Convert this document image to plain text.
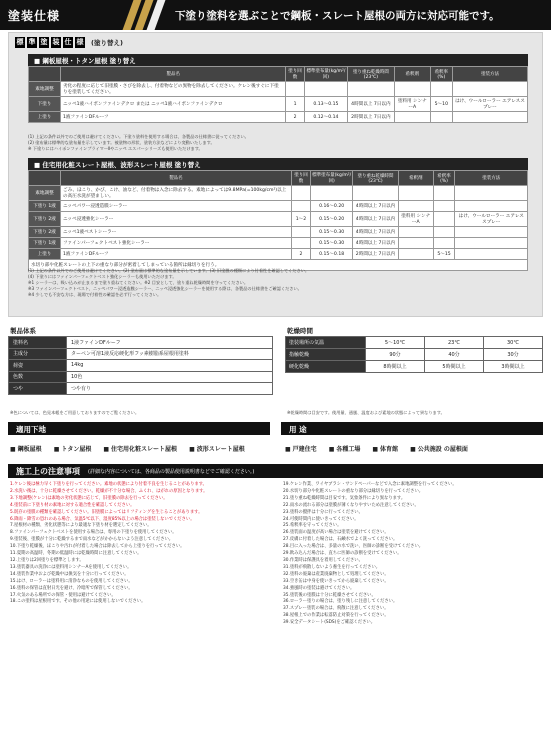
塗装仕様	下塗り塗料を選ぶことで鋼板・スレート屋根の両方に対応可能です。
標 準 塗 装 仕 様 (塗り替え)
■ 鋼板屋根・トタン屋根 塗り替え
	製品名	塗り回数	標準塗布量(kg/m²/回)	塗り重ね乾燥時間(23℃)	希釈剤	希釈率(%)	塗装方法
素地調整	劣化の程度に応じて旧塗膜・さびを除去し、付着物などの異物を除去してください。ケレン後すぐに下塗りを塗装してください。						
下塗り	ニッペ1液ハイポンファインデクロ または ニッペ1液ハイポンファインデクロ	1	0.13〜0.15	4時間以上 7日以内	塗料用 シンナーA	5〜10	はけ、ウールローラー エアレススプレー
上塗り	1液ファインDFルーフ	2	0.12〜0.14	2時間以上 7日以内			
(1) 上記の条件以外でのご使用は避けてください。下塗り塗料を使用する場合は、各製品の仕様書に従ってください。
(2) 塗布量は標準的な塗布量を示しています。被塗物の形状、塗装方法などにより変動いたします。
※ 下塗りにはハイポンファインプライマーⅡやニッペ エスパーシリーズも使用いただけます。
■ 住宅用化粧スレート屋根、波形スレート屋根 塗り替え
	製品名	塗り回数	標準塗布量(kg/m²/回)	塗り重ね乾燥時間(23℃)	希釈剤	希釈率(%)	塗装方法
素地調整	ごみ、ほこり、かび、こけ、油など、付着物は入念に除去する。素地によっては9.8MPa(=100kg/cm²)以上の高圧水洗が望ましい。						
下塗り 1液	ニッペパワー浸透造膜シーラー		0.16〜0.20	4時間以上 7日以内			
下塗り 2液	ニッペ浸透強化シーラー	1〜2	0.15〜0.20	4時間以上 7日以内	塗料用 シンナーA		はけ、ウールローラー エアレススプレー
下塗り 2液	ニッペ1液ベストシーラー		0.15〜0.30	4時間以上 7日以内			
下塗り 1液	ファインパーフェクトベスト強化シーラー		0.15〜0.30	4時間以上 7日以内			
上塗り	1液ファインDFルーフ	2	0.15〜0.18	2時間以上 7日以内		5〜15	
水切り部や化粧スレートの上下の重なり部分が密着してしまっている箇所は縁切りを行う。							
(1) 上記の条件以外でのご使用は避けてください。(2) 塗布量は標準的な塗布量を示しています。(3) 旧塗膜の種類により付着性を確認してください。
(4) 下塗りにはファインパーフェクトベスト強化シーラーも使用いただけます。
※1 シーラーは、吸い込みが止まるまで塗り重ねてください。※2 目安として、塗り重ね乾燥時間を守ってください。
※3 ファインパーフェクトベスト、ニッペパワー浸透造膜シーラー、ニッペ浸透強化シーラーを使用する際は、各製品の仕様書をご確認ください。
※4 少しでも不安な方は、現場で付着性の確認を必ず行ってください。
製品体系
塗料名	1液ファインDFルーフ
主成分	ターペン可溶1液反応硬化形フッ素樹脂系屋根用塗料
荷姿	14kg
色数	10色
つや	つや有り
※色については、色見本帳をご用意しておりますのでご覧ください。
乾燥時間
塗装場所の気温	5〜10℃	23℃	30℃
指触乾燥	90分	40分	30分
硬化乾燥	8時間以上	5時間以上	3時間以上
※乾燥時間は目安です。使用量、通風、温度および素地の状態によって異なります。
適用下地
■ 鋼板屋根	■ トタン屋根	■ 住宅用化粧スレート屋根	■ 波形スレート屋根
用 途
■ 戸建住宅	■ 各種工場	■ 体育館	■ 公共施設 の屋根面
施工上の注意事項 (詳細な内容については、各商品の製品使用説明書などでご確認ください。)

1.ケレン後は極力早く下塗りを行ってください。素地の状態により付着不良を生じることがあります。

2.水洗い後は、十分に乾燥させてください。乾燥が不十分な場合、ふくれ、はがれの原因となります。

3.下地調整(ケレン)は素地の劣化状態に応じて、旧塗膜の除去を行ってください。

4.塗装前に下塗り材の素地に対する適合性を確認してください。

5.既存の塗膜の種類を確認してください。旧塗膜によってはリフティングを生じることがあります。

6.降雨・降雪の恐れのある場合、気温5℃以下、湿度85%以上の場合は塗装しないでください。

7.屋根材の種類、劣化状態等により最適な下塗り材を選定してください。

8.ファインパーフェクトベストを使用する場合は、専用の下塗りを使用してください。

9.塗装後、塗膜が十分に乾燥するまで雨水などがかからないよう注意してください。

10.下塗り乾燥後、ほこりや汚れが付着した場合は除去してから上塗りを行ってください。

11.夏期の高温時、冬期の低温時には乾燥時間に注意してください。

12.上塗りは2回塗りを標準とします。

13.塗装器具の洗浄には塗料用シンナーAを使用してください。

14.塗装作業中および乾燥中は換気を十分に行ってください。

15.はけ、ローラーは塗料用に清浄なものを使用してください。

16.塗料の保管は直射日光を避け、冷暗所で保管してください。

17.火気のある場所での保管・使用は避けてください。

18.この塗料は屋根用です。その他の用途には使用しないでください。

19.ケレン作業、ワイヤブラシ・サンドペーパーなどで入念に素地調整を行ってください。

20.水切り部分や化粧スレートの重なり部分は縁切りを行ってください。

21.塗り重ね乾燥時間は目安です。気象条件により異なります。

22.雨水の流れる部分は塗膜が薄くなりやすいため注意してください。

23.塗料の攪拌は十分に行ってください。

24.可使時間内に使いきってください。

25.希釈率を守ってください。

26.塗装面の温度が高い場合は塗装を避けてください。

27.皮膚に付着した場合は、石鹸水でよく洗ってください。

28.目に入った場合は、多量の水で洗い、医師の診断を受けてください。

29.飲み込んだ場合は、直ちに医師の診断を受けてください。

30.作業時は保護具を着用してください。

31.塗料が飛散しないよう養生を行ってください。

32.塗料の廃棄は産業廃棄物として処理してください。

33.空き缶は中身を使いきってから廃棄してください。

34.強風時の塗装は避けてください。

35.塗装後の塗膜は十分に乾燥させてください。

36.ローラー塗りの場合は、塗り残しに注意してください。

37.スプレー塗装の場合は、飛散に注意してください。

38.屋根上での作業は転落防止対策を行ってください。

39.安全データシート(SDS)をご確認ください。
